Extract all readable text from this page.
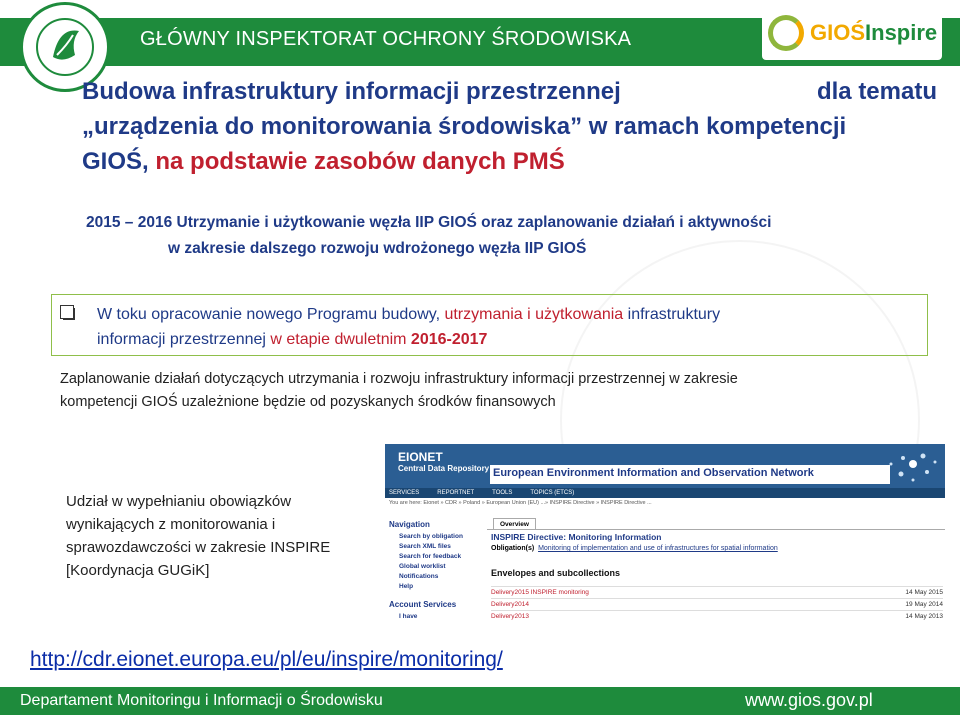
GŁÓWNY INSPEKTORAT OCHRONY ŚRODOWISKA	GIOŚ Inspire
Budowa infrastruktury informacji przestrzennej	dla tematu
„urządzenia do monitorowania środowiska” w ramach kompetencji
GIOŚ, na podstawie zasobów danych PMŚ
2015 – 2016 Utrzymanie i użytkowanie węzła IIP GIOŚ oraz zaplanowanie działań i aktywności
w zakresie dalszego rozwoju wdrożonego węzła IIP GIOŚ
W toku opracowanie nowego Programu budowy, utrzymania i użytkowania infrastruktury
informacji przestrzennej w etapie dwuletnim 2016-2017
Zaplanowanie działań dotyczących utrzymania i rozwoju infrastruktury informacji przestrzennej w zakresie
kompetencji GIOŚ uzależnione będzie od pozyskanych środków finansowych
Udział w wypełnianiu obowiązków
wynikających z monitorowania i
sprawozdawczości w zakresie INSPIRE
[Koordynacja GUGiK]
EIONET
Central Data Repository European Environment Information and Observation Network
SERVICES	REPORTNET	TOOLS	TOPICS (ETCS)
You are here: Eionet » CDR » Poland » European Union (EU) ...» INSPIRE Directive » INSPIRE Directive ...
Navigation
Search by obligation
Search XML files
Search for feedback
Global worklist
Notifications
Help
Account Services
I have
Overview
INSPIRE Directive: Monitoring Information
Obligation(s) Monitoring of implementation and use of infrastructures for spatial information
Envelopes and subcollections
Delivery2015 INSPIRE monitoring	14 May 2015
Delivery2014	19 May 2014
Delivery2013	14 May 2013
http://cdr.eionet.europa.eu/pl/eu/inspire/monitoring/
Departament Monitoringu i Informacji o Środowisku	www.gios.gov.pl
